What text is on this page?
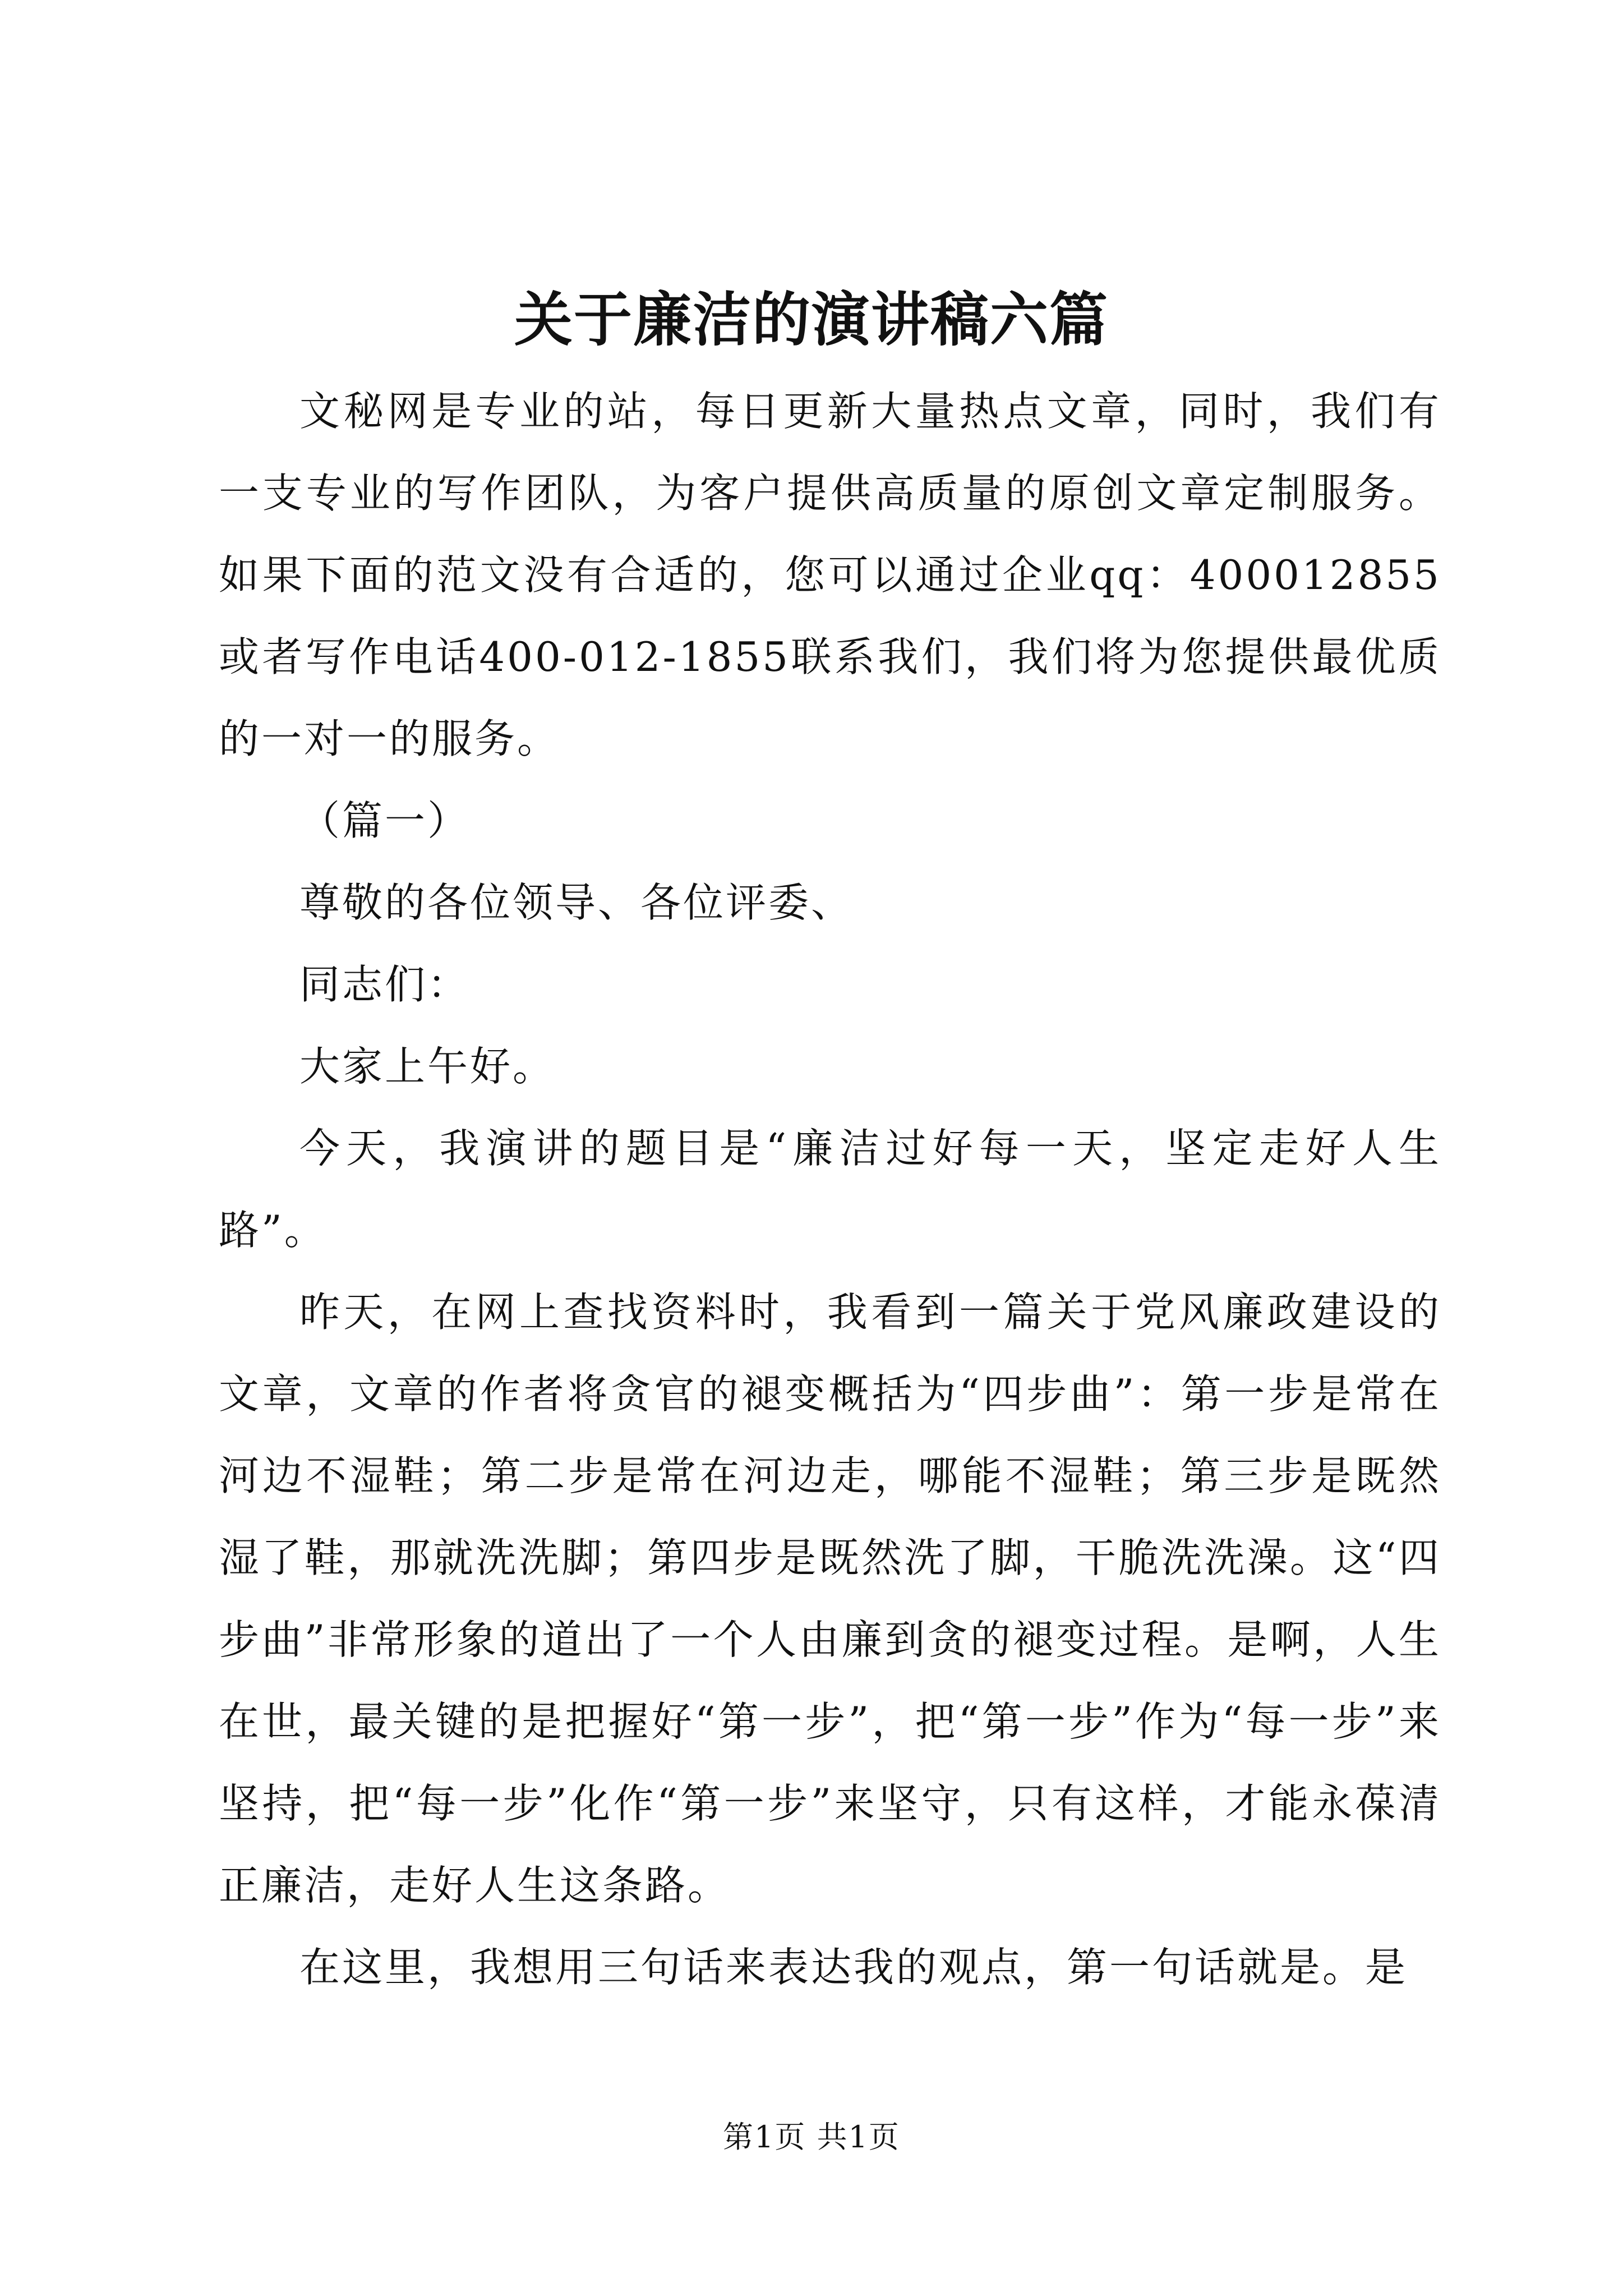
关于廉洁的演讲稿六篇

文秘网是专业的站，每日更新大量热点文章，同时，我们有一支专业的写作团队，为客户提供高质量的原创文章定制服务。如果下面的范文没有合适的，您可以通过企业qq：400012855或者写作电话400-012-1855联系我们，我们将为您提供最优质的一对一的服务。

（篇一）

尊敬的各位领导、各位评委、

同志们：

大家上午好。

今天，我演讲的题目是“廉洁过好每一天，坚定走好人生路”。

昨天，在网上查找资料时，我看到一篇关于党风廉政建设的文章，文章的作者将贪官的褪变概括为“四步曲”：第一步是常在河边不湿鞋；第二步是常在河边走，哪能不湿鞋；第三步是既然湿了鞋，那就洗洗脚；第四步是既然洗了脚，干脆洗洗澡。这“四步曲”非常形象的道出了一个人由廉到贪的褪变过程。是啊，人生在世，最关键的是把握好“第一步”，把“第一步”作为“每一步”来坚持，把“每一步”化作“第一步”来坚守，只有这样，才能永葆清正廉洁，走好人生这条路。

在这里，我想用三句话来表达我的观点，第一句话就是。是

第1页 共1页
